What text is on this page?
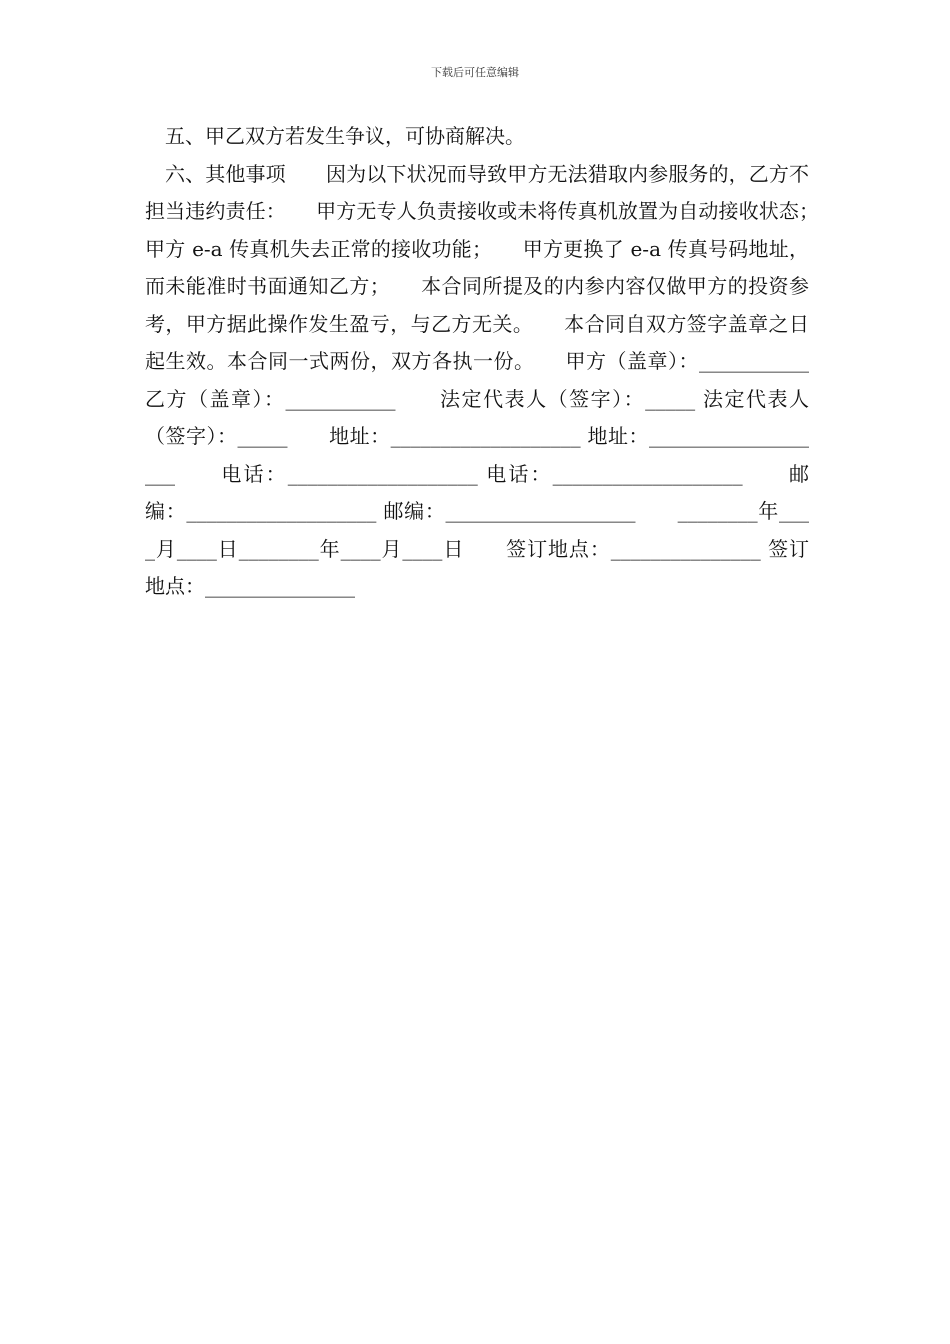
下载后可任意编辑

五、甲乙双方若发生争议，可协商解决。

六、其他事项　　因为以下状况而导致甲方无法猎取内参服务的，乙方不担当违约责任：　　甲方无专人负责接收或未将传真机放置为自动接收状态；　　甲方 e-a 传真机失去正常的接收功能；　　甲方更换了 e-a 传真号码地址，而未能准时书面通知乙方；　　本合同所提及的内参内容仅做甲方的投资参考，甲方据此操作发生盈亏，与乙方无关。　　本合同自双方签字盖章之日起生效。本合同一式两份，双方各执一份。　　甲方（盖章）：___________ 乙方（盖章）：___________　　法定代表人（签字）：_____ 法定代表人（签字）：_____　　地址：___________________ 地址：___________________　　电话：___________________ 电话：___________________　　邮编：___________________ 邮编：___________________　　________年____月____日________年____月____日　　签订地点：_______________ 签订地点：_______________
